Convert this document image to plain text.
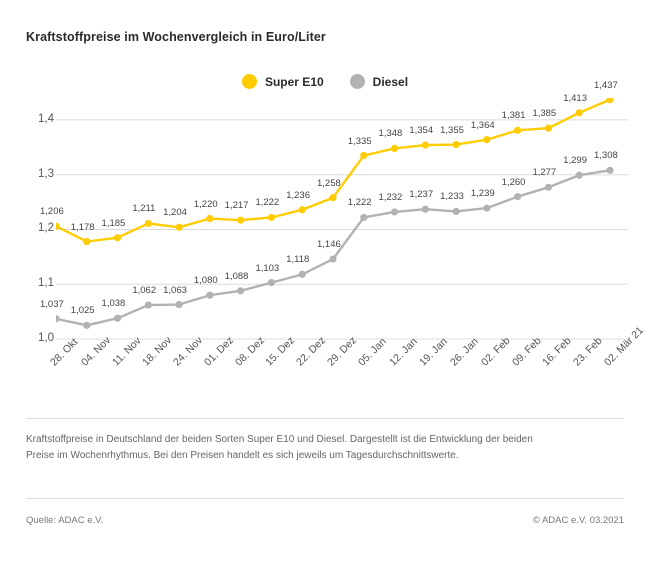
Kraftstoffpreise im Wochenvergleich in Euro/Liter
Super E10	Diesel
1,0
1,1
1,2
1,3
1,4
28. Okt
04. Nov
11. Nov
18. Nov
24. Nov
01. Dez
08. Dez
15. Dez
22. Dez
29. Dez
05. Jan
12. Jan
19. Jan
26. Jan
02. Feb
09. Feb
16. Feb
23. Feb
02. Mär 21
Kraftstoffpreise in Deutschland der beiden Sorten Super E10 und Diesel. Dargestellt ist die Entwicklung der beiden Preise im Wochenrhythmus. Bei den Preisen handelt es sich jeweils um Tagesdurchschnittswerte.
Quelle: ADAC e.V.	© ADAC e.V. 03.2021
1,206
1,178 1,185
1,211 1,204
1,220 1,217 1,222
1,236
1,258
1,335
1,348 1,354 1,355 1,364
1,381 1,385
1,413
1,437
1,037
1,025
1,038
1,062 1,063
1,080 1,088
1,103
1,118
1,146
1,222 1,232 1,237 1,233 1,239
1,260
1,277
1,299 1,308
